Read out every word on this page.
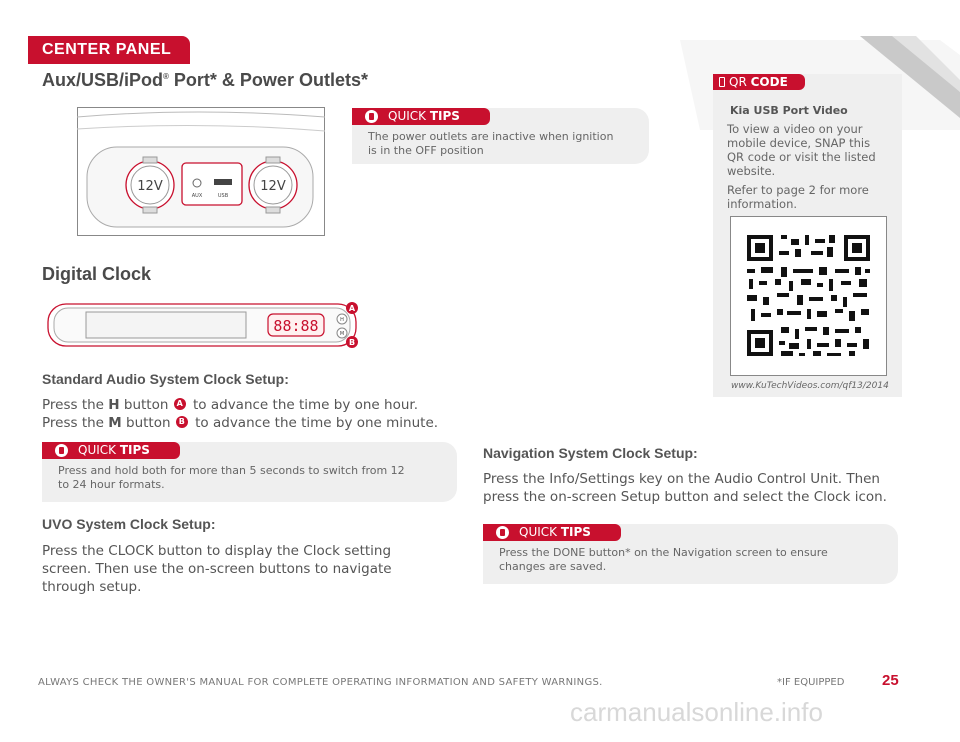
CENTER PANEL
Aux/USB/iPod® Port* & Power Outlets*
12V	12V
AUX	USB
QUICK TIPS
The power outlets are inactive when ignition
is in the OFF position
QR CODE
Kia USB Port Video
To view a video on your
mobile device, SNAP this
QR code or visit the listed
website.
Refer to page 2 for more
information.
www.KuTechVideos.com/qf13/2014
Digital Clock
88:88	H
M
A
B
Standard Audio System Clock Setup:
Press the H button A to advance the time by one hour.
Press the M button B to advance the time by one minute.
QUICK TIPS
Press and hold both for more than 5 seconds to switch from 12
to 24 hour formats.
UVO System Clock Setup:
Press the CLOCK button to display the Clock setting
screen. Then use the on-screen buttons to navigate
through setup.
Navigation System Clock Setup:
Press the Info/Settings key on the Audio Control Unit. Then
press the on-screen Setup button and select the Clock icon.
QUICK TIPS
Press the DONE button* on the Navigation screen to ensure
changes are saved.
ALWAYS CHECK THE OWNER'S MANUAL FOR COMPLETE OPERATING INFORMATION AND SAFETY WARNINGS.	*IF EQUIPPED	25
carmanualsonline.info
